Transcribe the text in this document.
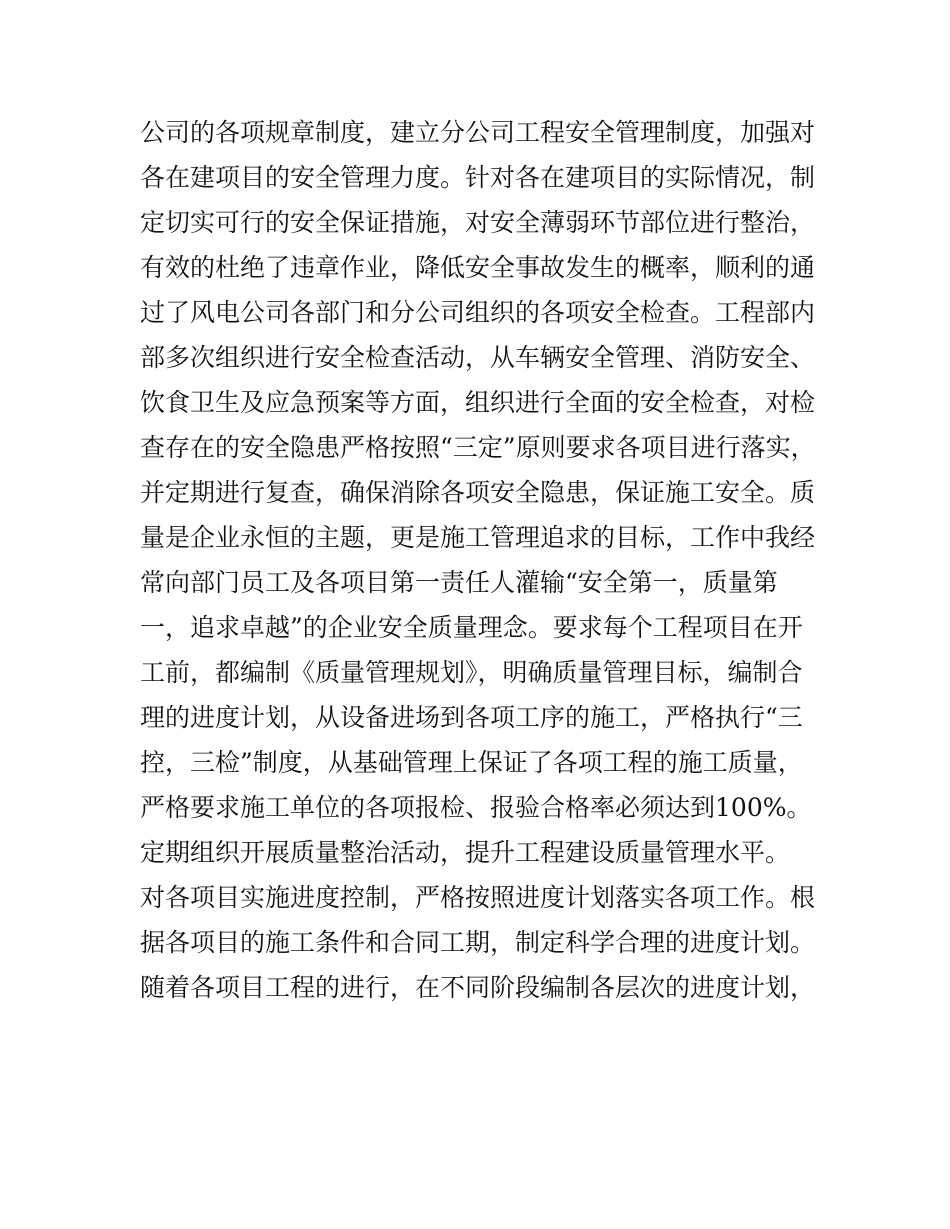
公司的各项规章制度，建立分公司工程安全管理制度，加强对
各在建项目的安全管理力度。针对各在建项目的实际情况，制
定切实可行的安全保证措施，对安全薄弱环节部位进行整治，
有效的杜绝了违章作业，降低安全事故发生的概率，顺利的通
过了风电公司各部门和分公司组织的各项安全检查。工程部内
部多次组织进行安全检查活动，从车辆安全管理、消防安全、
饮食卫生及应急预案等方面，组织进行全面的安全检查，对检
查存在的安全隐患严格按照“三定”原则要求各项目进行落实，
并定期进行复查，确保消除各项安全隐患，保证施工安全。质
量是企业永恒的主题，更是施工管理追求的目标，工作中我经
常向部门员工及各项目第一责任人灌输“安全第一，质量第
一，追求卓越”的企业安全质量理念。要求每个工程项目在开
工前，都编制《质量管理规划》，明确质量管理目标，编制合
理的进度计划，从设备进场到各项工序的施工，严格执行“三
控，三检”制度，从基础管理上保证了各项工程的施工质量，
严格要求施工单位的各项报检、报验合格率必须达到100%。
定期组织开展质量整治活动，提升工程建设质量管理水平。
对各项目实施进度控制，严格按照进度计划落实各项工作。根
据各项目的施工条件和合同工期，制定科学合理的进度计划。
随着各项目工程的进行，在不同阶段编制各层次的进度计划，
